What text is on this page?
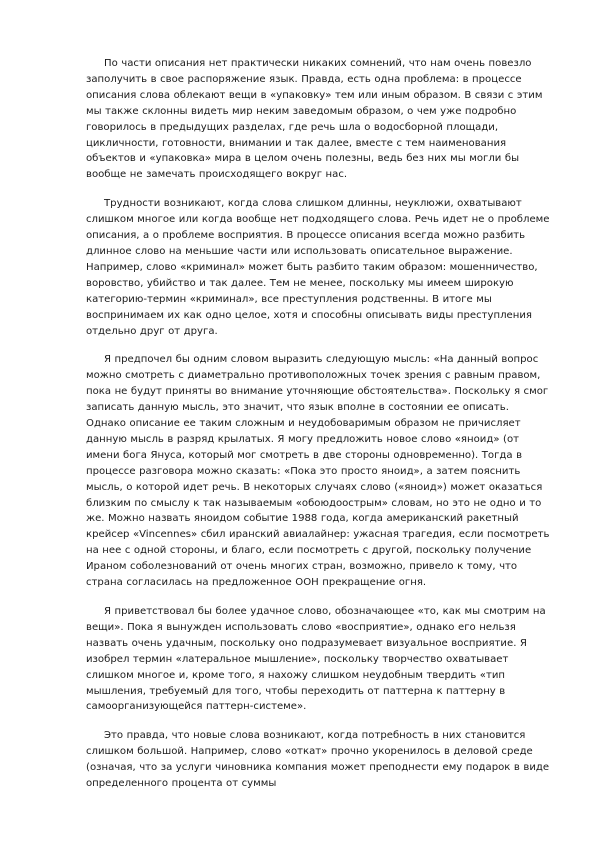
По части описания нет практически никаких сомнений, что нам очень повезло заполучить в свое распоряжение язык. Правда, есть одна проблема: в процессе описания слова облекают вещи в «упаковку» тем или иным образом. В связи с этим мы также склонны видеть мир неким заведомым образом, о чем уже подробно говорилось в предыдущих разделах, где речь шла о водосборной площади, цикличности, готовности, внимании и так далее, вместе с тем наименования объектов и «упаковка» мира в целом очень полезны, ведь без них мы могли бы вообще не замечать происходящего вокруг нас.

Трудности возникают, когда слова слишком длинны, неуклюжи, охватывают слишком многое или когда вообще нет подходящего слова. Речь идет не о проблеме описания, а о проблеме восприятия. В процессе описания всегда можно разбить длинное слово на меньшие части или использовать описательное выражение. Например, слово «криминал» может быть разбито таким образом: мошенничество, воровство, убийство и так далее. Тем не менее, поскольку мы имеем широкую категорию-термин «криминал», все преступления родственны. В итоге мы воспринимаем их как одно целое, хотя и способны описывать виды преступления отдельно друг от друга.

Я предпочел бы одним словом выразить следующую мысль: «На данный вопрос можно смотреть с диаметрально противоположных точек зрения с равным правом, пока не будут приняты во внимание уточняющие обстоятельства». Поскольку я смог записать данную мысль, это значит, что язык вполне в состоянии ее описать. Однако описание ее таким сложным и неудобоваримым образом не причисляет данную мысль в разряд крылатых. Я могу предложить новое слово «яноид» (от имени бога Януса, который мог смотреть в две стороны одновременно). Тогда в процессе разговора можно сказать: «Пока это просто яноид», а затем пояснить мысль, о которой идет речь. В некоторых случаях слово («яноид») может оказаться близким по смыслу к так называемым «обоюдоострым» словам, но это не одно и то же. Можно назвать яноидом событие 1988 года, когда американский ракетный крейсер «Vincennes» сбил иранский авиалайнер: ужасная трагедия, если посмотреть на нее с одной стороны, и благо, если посмотреть с другой, поскольку получение Ираном соболезнований от очень многих стран, возможно, привело к тому, что страна согласилась на предложенное ООН прекращение огня.

Я приветствовал бы более удачное слово, обозначающее «то, как мы смотрим на вещи». Пока я вынужден использовать слово «восприятие», однако его нельзя назвать очень удачным, поскольку оно подразумевает визуальное восприятие. Я изобрел термин «латеральное мышление», поскольку творчество охватывает слишком многое и, кроме того, я нахожу слишком неудобным твердить «тип мышления, требуемый для того, чтобы переходить от паттерна к паттерну в самоорганизующейся паттерн-системе».

Это правда, что новые слова возникают, когда потребность в них становится слишком большой. Например, слово «откат» прочно укоренилось в деловой среде (означая, что за услуги чиновника компания может преподнести ему подарок в виде определенного процента от суммы
